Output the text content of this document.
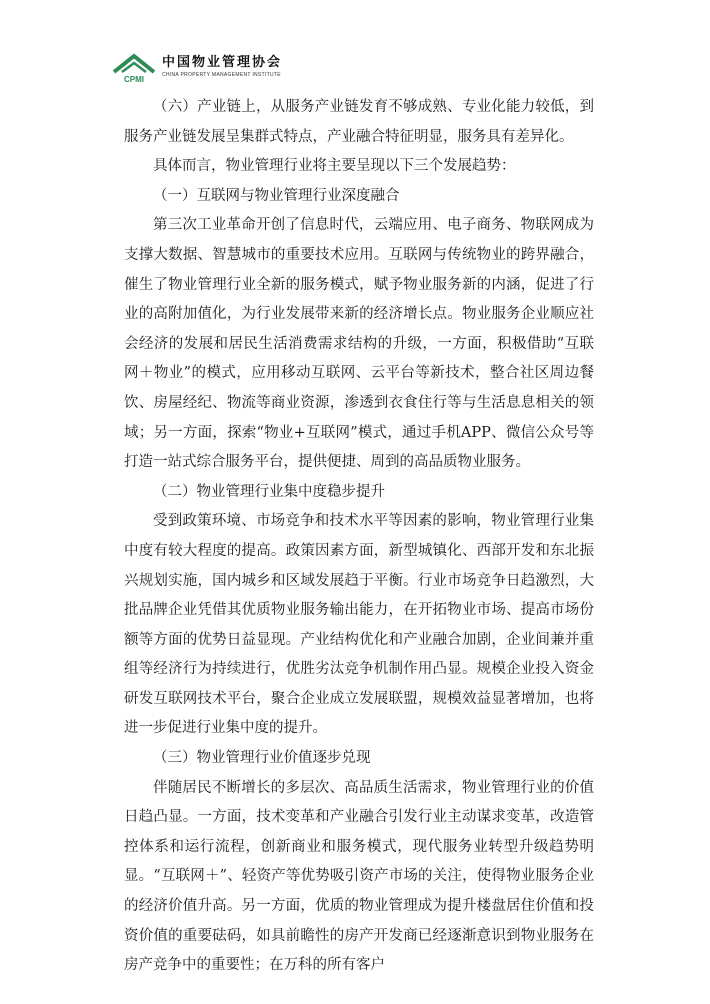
CPMI
中国物业管理协会
CHINA PROPERTY MANAGEMENT INSTITUTE

（六）产业链上，从服务产业链发育不够成熟、专业化能力较低，到服务产业链发展呈集群式特点，产业融合特征明显，服务具有差异化。

具体而言，物业管理行业将主要呈现以下三个发展趋势：

（一）互联网与物业管理行业深度融合

第三次工业革命开创了信息时代，云端应用、电子商务、物联网成为支撑大数据、智慧城市的重要技术应用。互联网与传统物业的跨界融合，催生了物业管理行业全新的服务模式，赋予物业服务新的内涵，促进了行业的高附加值化，为行业发展带来新的经济增长点。物业服务企业顺应社会经济的发展和居民生活消费需求结构的升级，一方面，积极借助“互联网＋物业”的模式，应用移动互联网、云平台等新技术，整合社区周边餐饮、房屋经纪、物流等商业资源，渗透到衣食住行等与生活息息相关的领域；另一方面，探索“物业+互联网”模式，通过手机APP、微信公众号等打造一站式综合服务平台，提供便捷、周到的高品质物业服务。

（二）物业管理行业集中度稳步提升

受到政策环境、市场竞争和技术水平等因素的影响，物业管理行业集中度有较大程度的提高。政策因素方面，新型城镇化、西部开发和东北振兴规划实施，国内城乡和区域发展趋于平衡。行业市场竞争日趋激烈，大批品牌企业凭借其优质物业服务输出能力，在开拓物业市场、提高市场份额等方面的优势日益显现。产业结构优化和产业融合加剧，企业间兼并重组等经济行为持续进行，优胜劣汰竞争机制作用凸显。规模企业投入资金研发互联网技术平台，聚合企业成立发展联盟，规模效益显著增加，也将进一步促进行业集中度的提升。

（三）物业管理行业价值逐步兑现

伴随居民不断增长的多层次、高品质生活需求，物业管理行业的价值日趋凸显。一方面，技术变革和产业融合引发行业主动谋求变革，改造管控体系和运行流程，创新商业和服务模式，现代服务业转型升级趋势明显。“互联网＋”、轻资产等优势吸引资产市场的关注，使得物业服务企业的经济价值升高。另一方面，优质的物业管理成为提升楼盘居住价值和投资价值的重要砝码，如具前瞻性的房产开发商已经逐渐意识到物业服务在房产竞争中的重要性；在万科的所有客户
